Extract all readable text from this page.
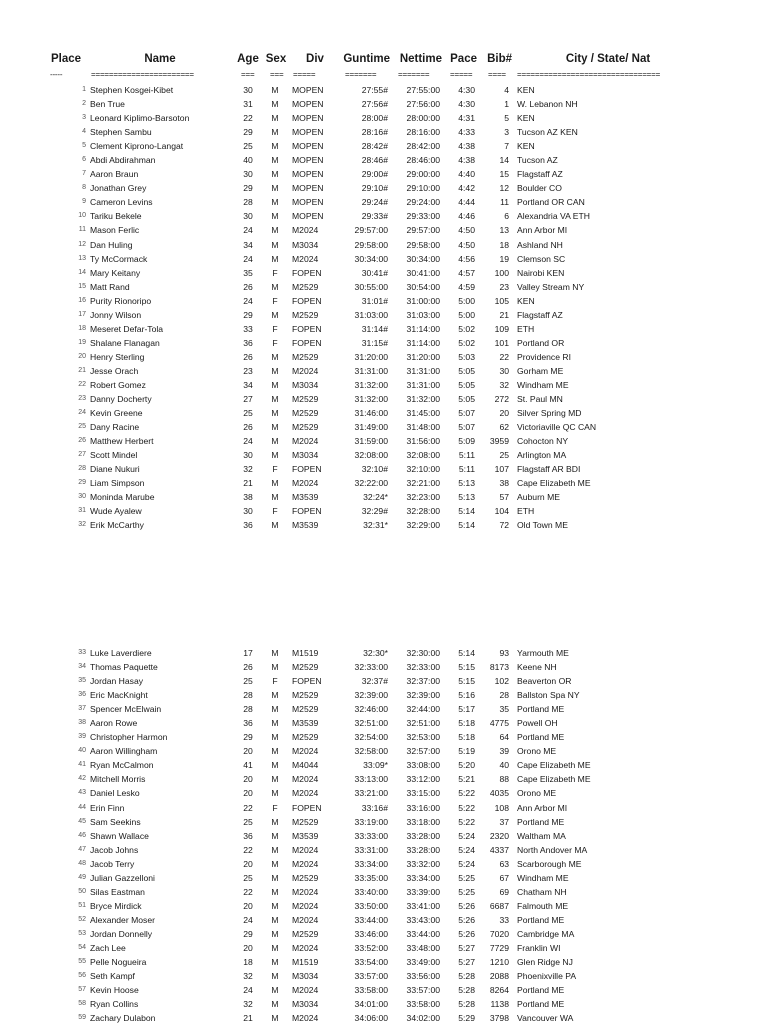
Place	Name	Age Sex	Div	Guntime Nettime Pace Bib#	City / State/ Nat
-----	=======================	===	===	=====	=======	=======	=====	====	================================
1 Stephen Kosgei-Kibet	30	M	MOPEN	27:55#	27:55:00	4:30	4 KEN
2 Ben True	31	M	MOPEN	27:56#	27:56:00	4:30	1 W. Lebanon NH
3 Leonard Kiplimo-Barsoton	22	M	MOPEN	28:00#	28:00:00	4:31	5 KEN
4 Stephen Sambu	29	M	MOPEN	28:16#	28:16:00	4:33	3 Tucson AZ KEN
5 Clement Kiprono-Langat	25	M	MOPEN	28:42#	28:42:00	4:38	7 KEN
6 Abdi Abdirahman	40	M	MOPEN	28:46#	28:46:00	4:38	14 Tucson AZ
7 Aaron Braun	30	M	MOPEN	29:00#	29:00:00	4:40	15 Flagstaff AZ
8 Jonathan Grey	29	M	MOPEN	29:10#	29:10:00	4:42	12 Boulder CO
9 Cameron Levins	28	M	MOPEN	29:24#	29:24:00	4:44	11 Portland OR CAN
10 Tariku Bekele	30	M	MOPEN	29:33#	29:33:00	4:46	6 Alexandria VA ETH
11 Mason Ferlic	24	M	M2024	29:57:00	29:57:00	4:50	13 Ann Arbor MI
12 Dan Huling	34	M	M3034	29:58:00	29:58:00	4:50	18 Ashland NH
13 Ty McCormack	24	M	M2024	30:34:00	30:34:00	4:56	19 Clemson SC
14 Mary Keitany	35	F	FOPEN	30:41#	30:41:00	4:57	100 Nairobi KEN
15 Matt Rand	26	M	M2529	30:55:00	30:54:00	4:59	23 Valley Stream NY
16 Purity Rionoripo	24	F	FOPEN	31:01#	31:00:00	5:00	105 KEN
17 Jonny Wilson	29	M	M2529	31:03:00	31:03:00	5:00	21 Flagstaff AZ
18 Meseret Defar-Tola	33	F	FOPEN	31:14#	31:14:00	5:02	109 ETH
19 Shalane Flanagan	36	F	FOPEN	31:15#	31:14:00	5:02	101 Portland OR
20 Henry Sterling	26	M	M2529	31:20:00	31:20:00	5:03	22 Providence RI
21 Jesse Orach	23	M	M2024	31:31:00	31:31:00	5:05	30 Gorham ME
22 Robert Gomez	34	M	M3034	31:32:00	31:31:00	5:05	32 Windham ME
23 Danny Docherty	27	M	M2529	31:32:00	31:32:00	5:05	272 St. Paul MN
24 Kevin Greene	25	M	M2529	31:46:00	31:45:00	5:07	20 Silver Spring MD
25 Dany Racine	26	M	M2529	31:49:00	31:48:00	5:07	62 Victoriaville QC CAN
26 Matthew Herbert	24	M	M2024	31:59:00	31:56:00	5:09	3959 Cohocton NY
27 Scott Mindel	30	M	M3034	32:08:00	32:08:00	5:11	25 Arlington MA
28 Diane Nukuri	32	F	FOPEN	32:10#	32:10:00	5:11	107 Flagstaff AR BDI
29 Liam Simpson	21	M	M2024	32:22:00	32:21:00	5:13	38 Cape Elizabeth ME
30 Moninda Marube	38	M	M3539	32:24*	32:23:00	5:13	57 Auburn ME
31 Wude Ayalew	30	F	FOPEN	32:29#	32:28:00	5:14	104 ETH
32 Erik McCarthy	36	M	M3539	32:31*	32:29:00	5:14	72 Old Town ME
33 Luke Laverdiere	17	M	M1519	32:30*	32:30:00	5:14	93 Yarmouth ME
34 Thomas Paquette	26	M	M2529	32:33:00	32:33:00	5:15	8173 Keene NH
35 Jordan Hasay	25	F	FOPEN	32:37#	32:37:00	5:15	102 Beaverton OR
36 Eric MacKnight	28	M	M2529	32:39:00	32:39:00	5:16	28 Ballston Spa NY
37 Spencer McElwain	28	M	M2529	32:46:00	32:44:00	5:17	35 Portland ME
38 Aaron Rowe	36	M	M3539	32:51:00	32:51:00	5:18	4775 Powell OH
39 Christopher Harmon	29	M	M2529	32:54:00	32:53:00	5:18	64 Portland ME
40 Aaron Willingham	20	M	M2024	32:58:00	32:57:00	5:19	39 Orono ME
41 Ryan McCalmon	41	M	M4044	33:09*	33:08:00	5:20	40 Cape Elizabeth ME
42 Mitchell Morris	20	M	M2024	33:13:00	33:12:00	5:21	88 Cape Elizabeth ME
43 Daniel Lesko	20	M	M2024	33:21:00	33:15:00	5:22	4035 Orono ME
44 Erin Finn	22	F	FOPEN	33:16#	33:16:00	5:22	108 Ann Arbor MI
45 Sam Seekins	25	M	M2529	33:19:00	33:18:00	5:22	37 Portland ME
46 Shawn Wallace	36	M	M3539	33:33:00	33:28:00	5:24	2320 Waltham MA
47 Jacob Johns	22	M	M2024	33:31:00	33:28:00	5:24	4337 North Andover MA
48 Jacob Terry	20	M	M2024	33:34:00	33:32:00	5:24	63 Scarborough ME
49 Julian Gazzelloni	25	M	M2529	33:35:00	33:34:00	5:25	67 Windham ME
50 Silas Eastman	22	M	M2024	33:40:00	33:39:00	5:25	69 Chatham NH
51 Bryce Mirdick	20	M	M2024	33:50:00	33:41:00	5:26	6687 Falmouth ME
52 Alexander Moser	24	M	M2024	33:44:00	33:43:00	5:26	33 Portland ME
53 Jordan Donnelly	29	M	M2529	33:46:00	33:44:00	5:26	7020 Cambridge MA
54 Zach Lee	20	M	M2024	33:52:00	33:48:00	5:27	7729 Franklin WI
55 Pelle Nogueira	18	M	M1519	33:54:00	33:49:00	5:27	1210 Glen Ridge NJ
56 Seth Kampf	32	M	M3034	33:57:00	33:56:00	5:28	2088 Phoenixville PA
57 Kevin Hoose	24	M	M2024	33:58:00	33:57:00	5:28	8264 Portland ME
58 Ryan Collins	32	M	M3034	34:01:00	33:58:00	5:28	1138 Portland ME
59 Zachary Dulabon	21	M	M2024	34:06:00	34:02:00	5:29	3798 Vancouver WA
